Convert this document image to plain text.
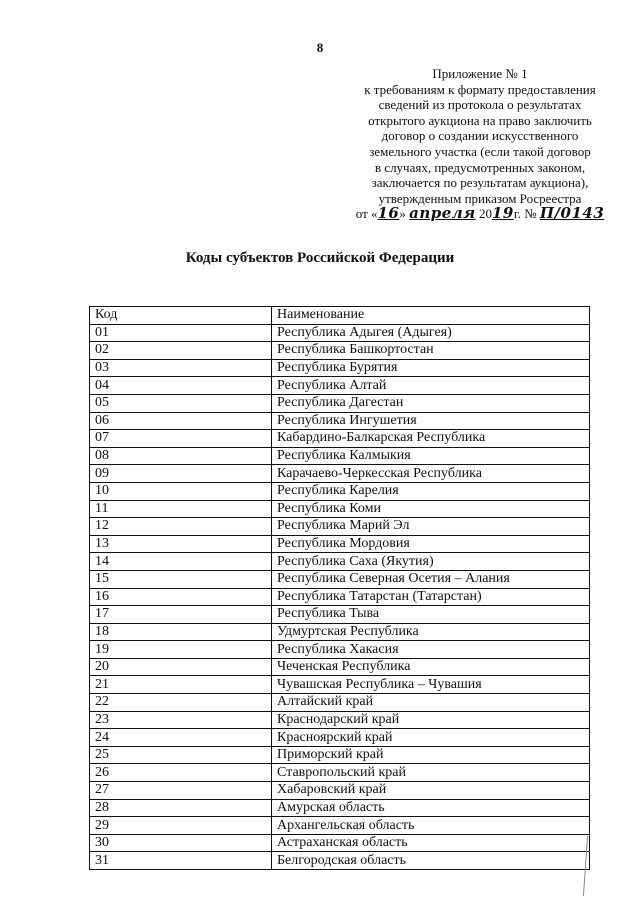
8
Приложение № 1
к требованиям к формату предоставления
сведений из протокола о результатах
открытого аукциона на право заключить
договор о создании искусственного
земельного участка (если такой договор
в случаях, предусмотренных законом,
заключается по результатам аукциона),
утвержденным приказом Росреестра
от «16» апреля 2019г. № П/0143
Коды субъектов Российской Федерации
Код	Наименование
01	Республика Адыгея (Адыгея)
02	Республика Башкортостан
03	Республика Бурятия
04	Республика Алтай
05	Республика Дагестан
06	Республика Ингушетия
07	Кабардино-Балкарская Республика
08	Республика Калмыкия
09	Карачаево-Черкесская Республика
10	Республика Карелия
11	Республика Коми
12	Республика Марий Эл
13	Республика Мордовия
14	Республика Саха (Якутия)
15	Республика Северная Осетия – Алания
16	Республика Татарстан (Татарстан)
17	Республика Тыва
18	Удмуртская Республика
19	Республика Хакасия
20	Чеченская Республика
21	Чувашская Республика – Чувашия
22	Алтайский край
23	Краснодарский край
24	Красноярский край
25	Приморский край
26	Ставропольский край
27	Хабаровский край
28	Амурская область
29	Архангельская область
30	Астраханская область
31	Белгородская область
